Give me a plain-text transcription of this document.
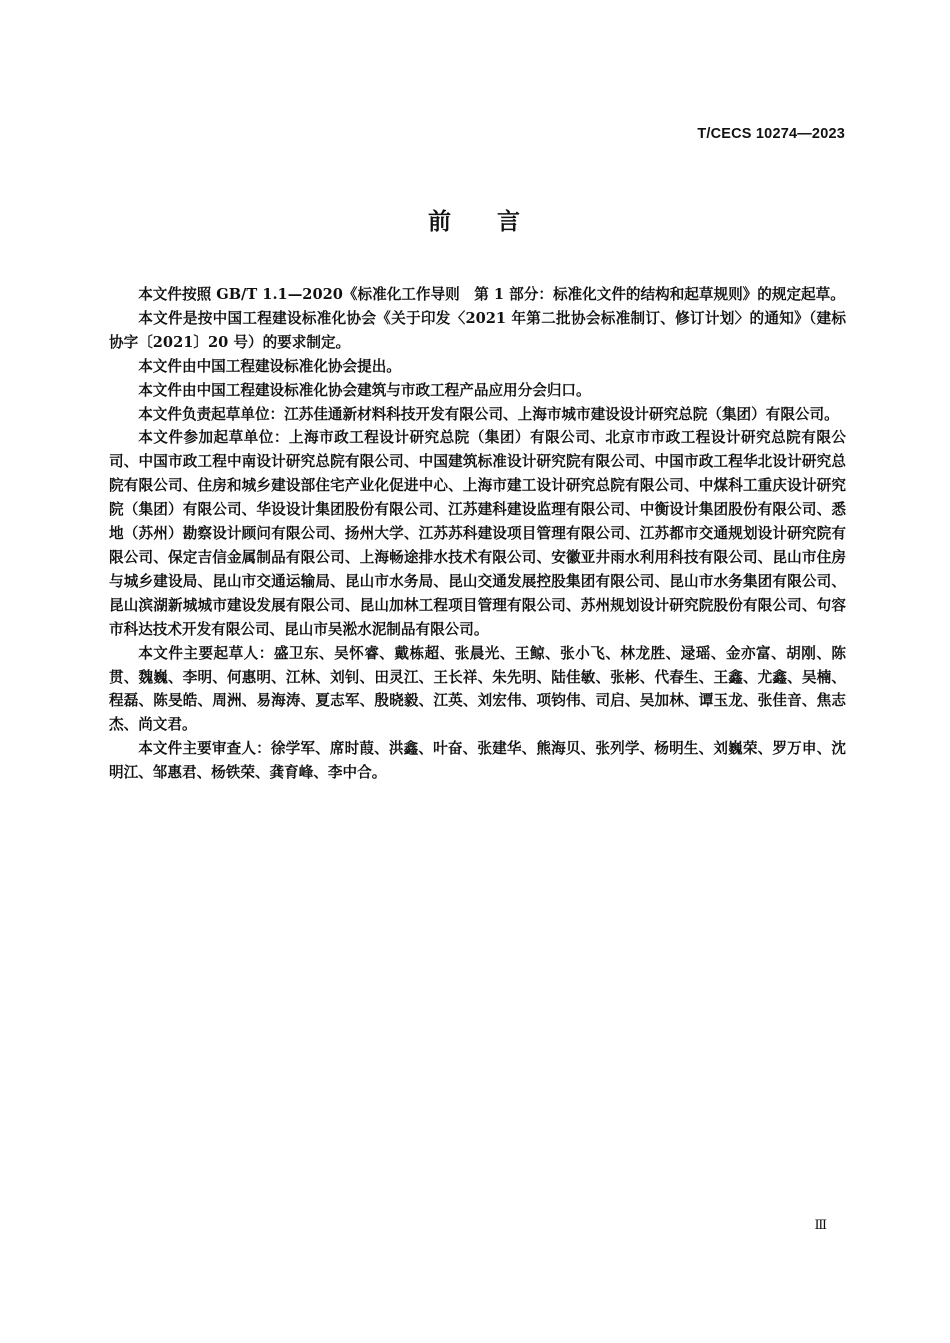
T/CECS 10274—2023
前 言

本文件按照 GB/T 1.1—2020《标准化工作导则　第 1 部分：标准化文件的结构和起草规则》的规定起草。

本文件是按中国工程建设标准化协会《关于印发〈2021 年第二批协会标准制订、修订计划〉的通知》（建标协字〔2021〕20 号）的要求制定。

本文件由中国工程建设标准化协会提出。

本文件由中国工程建设标准化协会建筑与市政工程产品应用分会归口。

本文件负责起草单位：江苏佳通新材料科技开发有限公司、上海市城市建设设计研究总院（集团）有限公司。

本文件参加起草单位：上海市政工程设计研究总院（集团）有限公司、北京市市政工程设计研究总院有限公司、中国市政工程中南设计研究总院有限公司、中国建筑标准设计研究院有限公司、中国市政工程华北设计研究总院有限公司、住房和城乡建设部住宅产业化促进中心、上海市建工设计研究总院有限公司、中煤科工重庆设计研究院（集团）有限公司、华设设计集团股份有限公司、江苏建科建设监理有限公司、中衡设计集团股份有限公司、悉地（苏州）勘察设计顾问有限公司、扬州大学、江苏苏科建设项目管理有限公司、江苏都市交通规划设计研究院有限公司、保定吉信金属制品有限公司、上海畅途排水技术有限公司、安徽亚井雨水利用科技有限公司、昆山市住房与城乡建设局、昆山市交通运输局、昆山市水务局、昆山交通发展控股集团有限公司、昆山市水务集团有限公司、昆山滨湖新城城市建设发展有限公司、昆山加林工程项目管理有限公司、苏州规划设计研究院股份有限公司、句容市科达技术开发有限公司、昆山市吴淞水泥制品有限公司。

本文件主要起草人：盛卫东、吴怀睿、戴栋超、张晨光、王鲸、张小飞、林龙胜、逯瑶、金亦富、胡刚、陈贯、魏巍、李明、何惠明、江林、刘钊、田灵江、王长祥、朱先明、陆佳敏、张彬、代春生、王鑫、尤鑫、吴楠、程磊、陈旻皓、周洲、易海涛、夏志军、殷晓毅、江英、刘宏伟、项钧伟、司启、吴加林、谭玉龙、张佳音、焦志杰、尚文君。

本文件主要审查人：徐学军、席时葭、洪鑫、叶奋、张建华、熊海贝、张列学、杨明生、刘巍荣、罗万申、沈明江、邹惠君、杨铁荣、龚育峰、李中合。

Ⅲ
